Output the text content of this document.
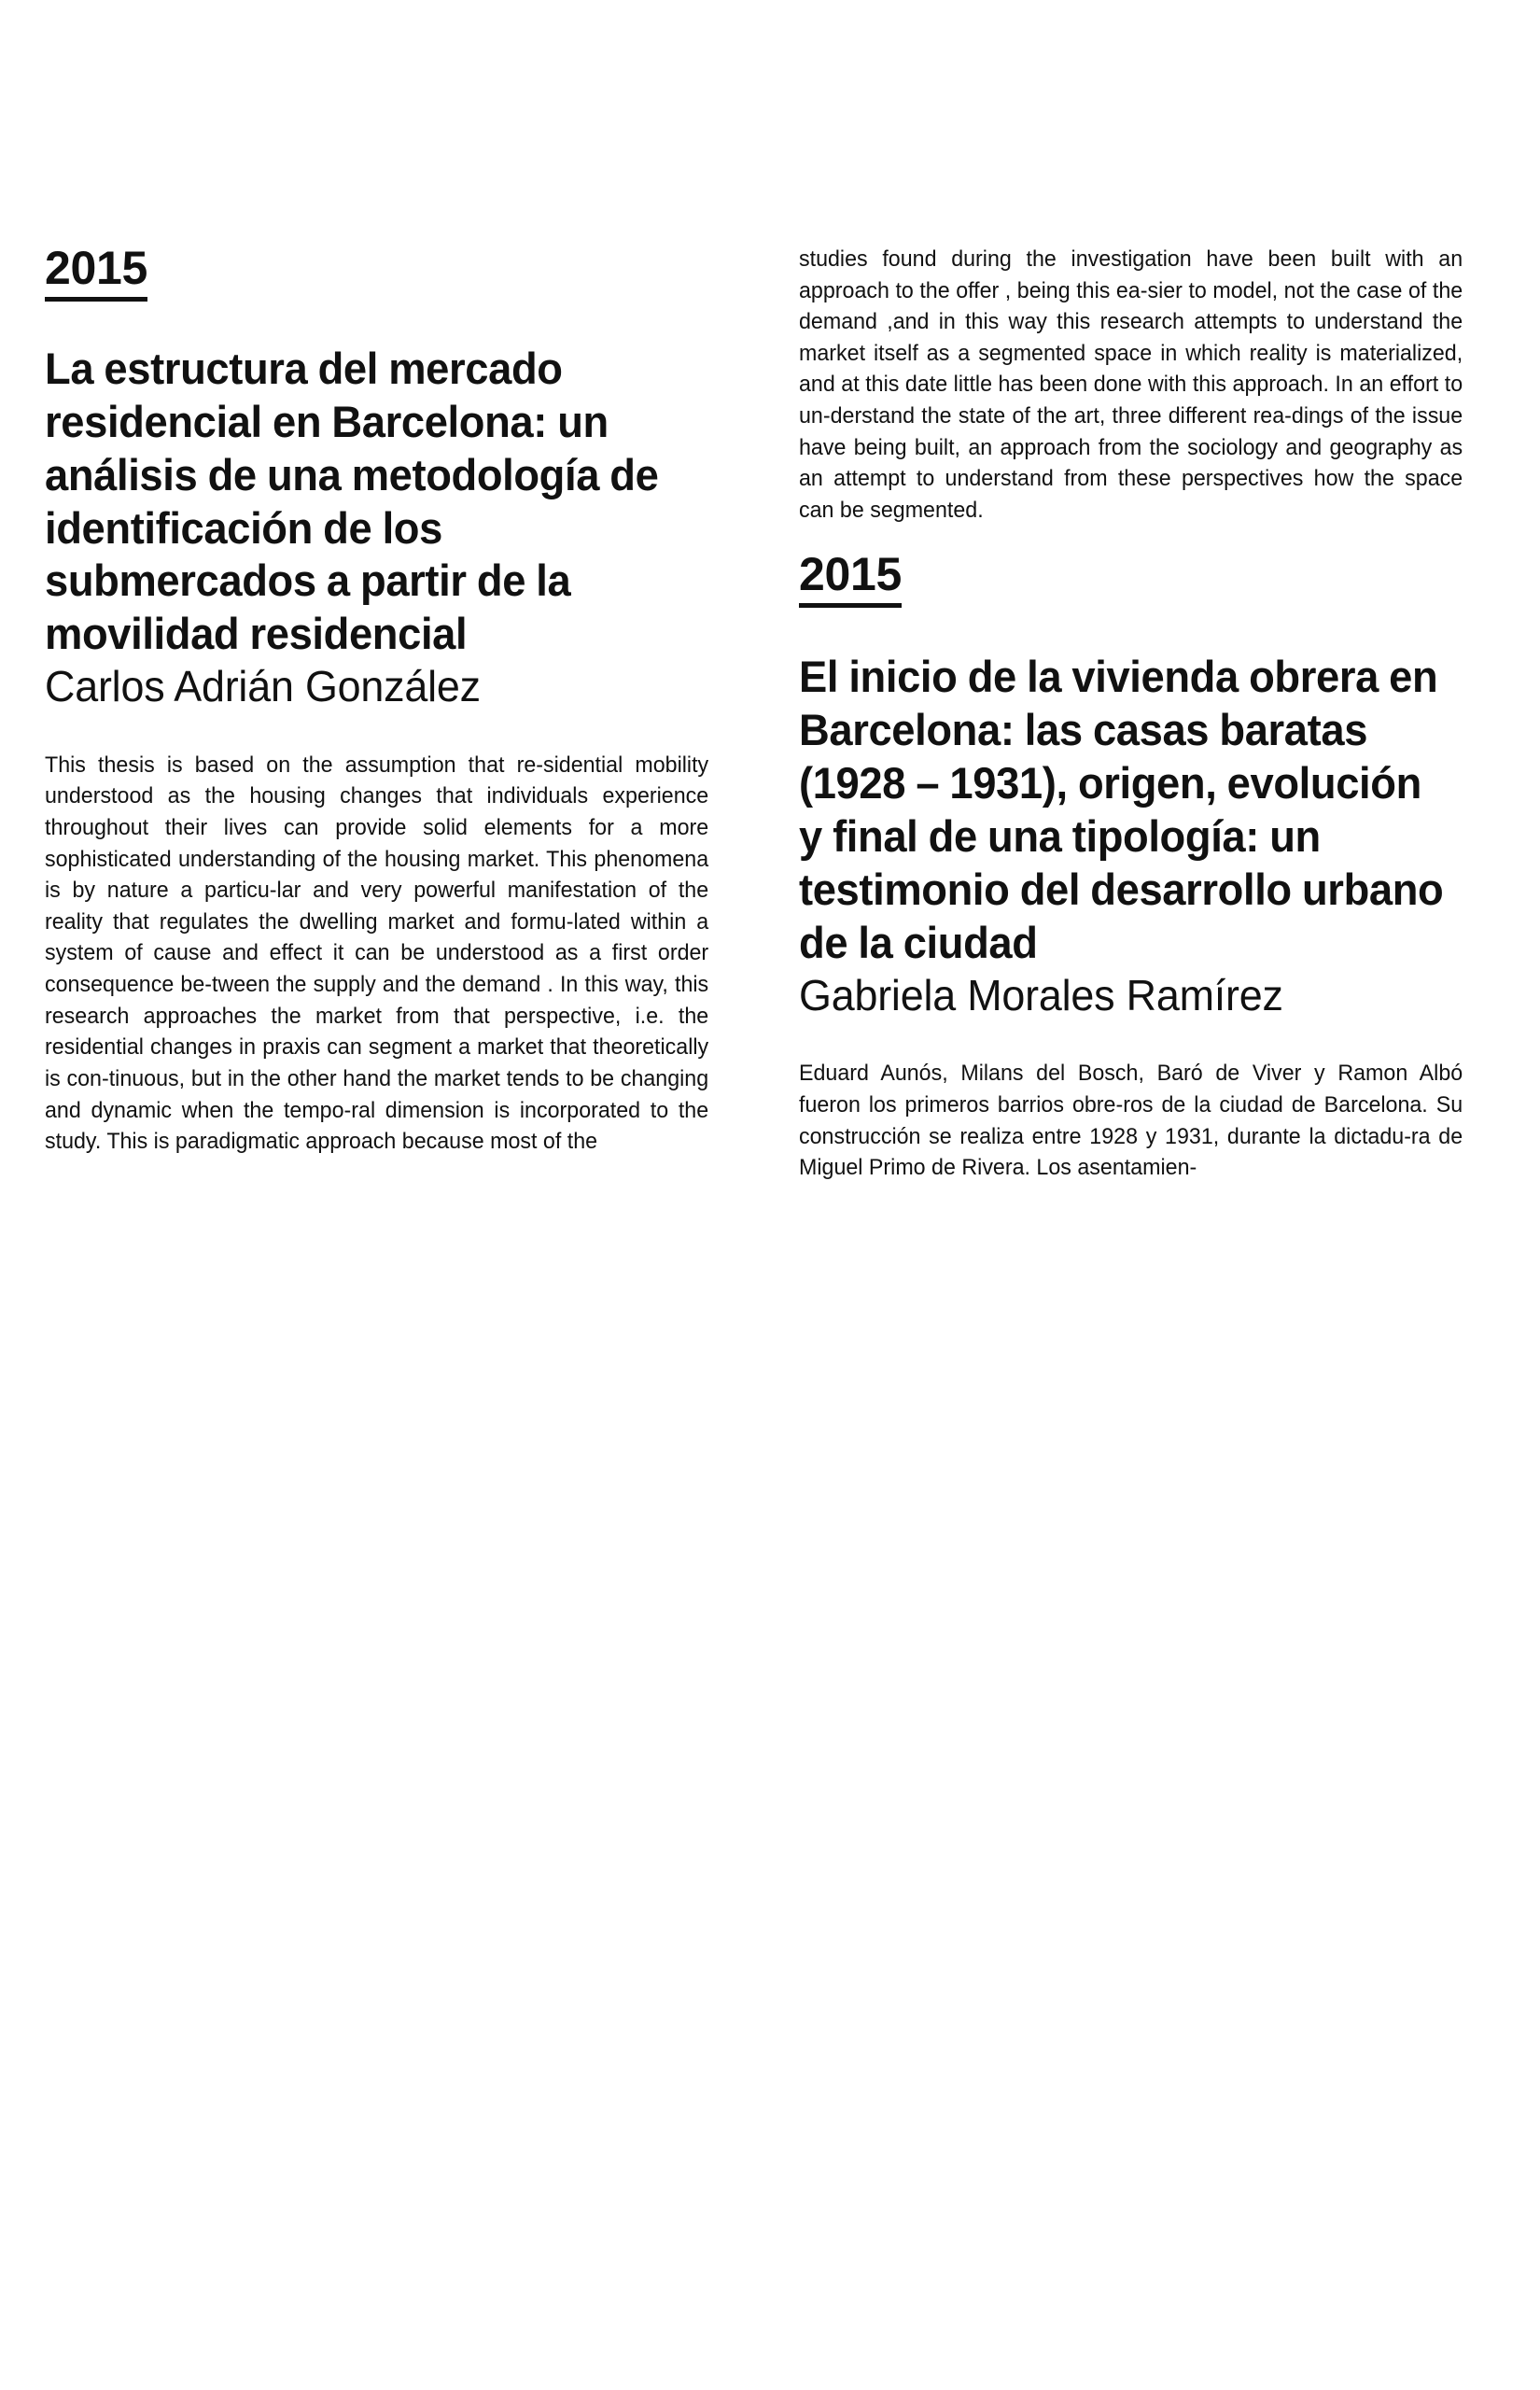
2015
La estructura del mercado residencial en Barcelona: un análisis de una metodología de identificación de los submercados a partir de la movilidad residencial

Carlos Adrián González

This thesis is based on the assumption that re-sidential mobility understood as the housing changes that individuals experience throughout their lives can provide solid elements for a more sophisticated understanding of the housing market. This phenomena is by nature a particu-lar and very powerful manifestation of the reality that regulates the dwelling market and formu-lated within a system of cause and effect it can be understood as a first order consequence be-tween the supply and the demand . In this way, this research approaches the market from that perspective, i.e. the residential changes in praxis can segment a market that theoretically is con-tinuous, but in the other hand the market tends to be changing and dynamic when the tempo-ral dimension is incorporated to the study. This is paradigmatic approach because most of the

studies found during the investigation have been built with an approach to the offer , being this ea-sier to model, not the case of the demand ,and in this way this research attempts to understand the market itself as a segmented space in which reality is materialized, and at this date little has been done with this approach. In an effort to un-derstand the state of the art, three different rea-dings of the issue have being built, an approach from the sociology and geography as an attempt to understand from these perspectives how the space can be segmented.

2015
El inicio de la vivienda obrera en Barcelona: las casas baratas (1928 – 1931), origen, evolución y final de una tipología: un testimonio del desarrollo urbano de la ciudad

Gabriela Morales Ramírez

Eduard Aunós, Milans del Bosch, Baró de Viver y Ramon Albó fueron los primeros barrios obre-ros de la ciudad de Barcelona. Su construcción se realiza entre 1928 y 1931, durante la dictadu-ra de Miguel Primo de Rivera. Los asentamien-
